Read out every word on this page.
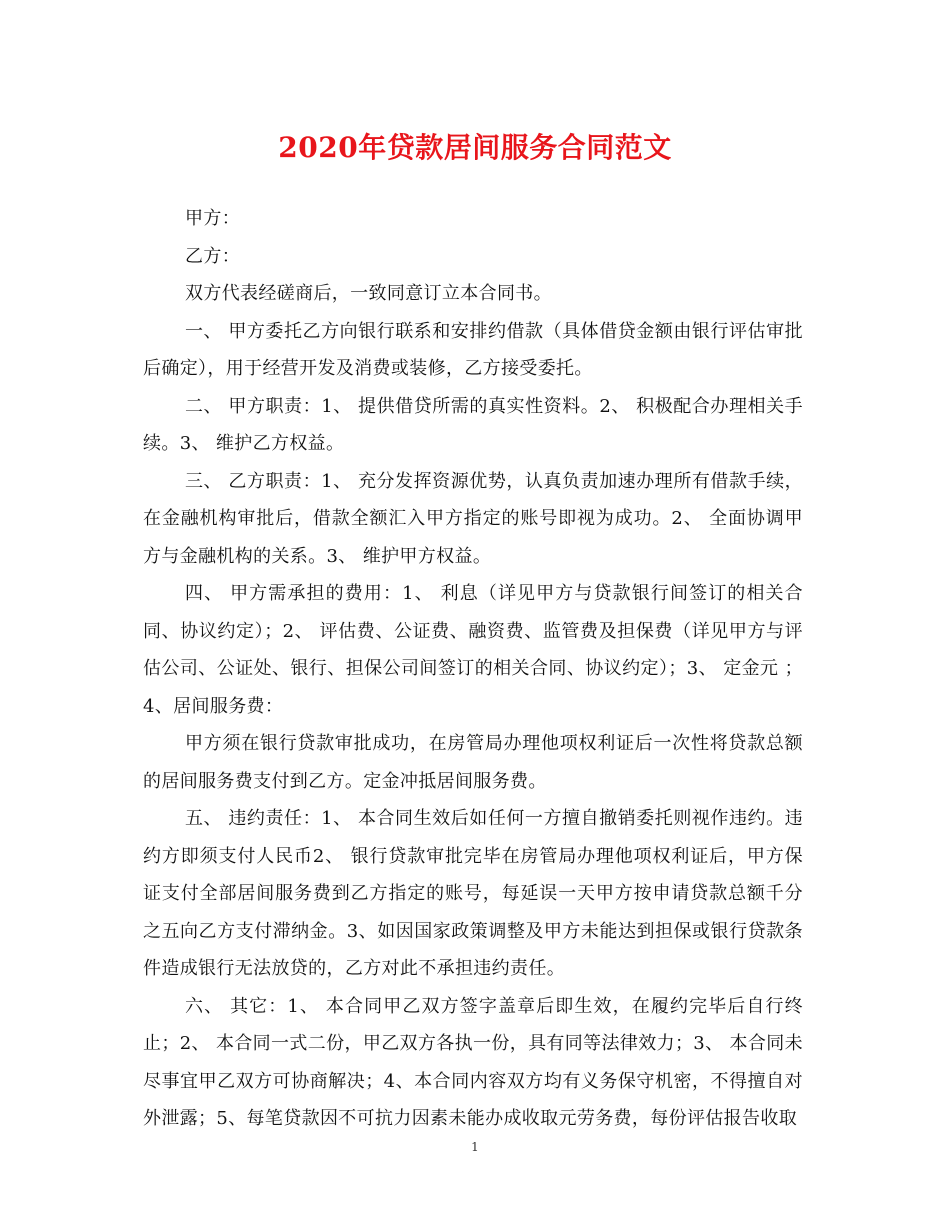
2020年贷款居间服务合同范文

甲方：

乙方：

双方代表经磋商后，一致同意订立本合同书。

一、 甲方委托乙方向银行联系和安排约借款（具体借贷金额由银行评估审批后确定），用于经营开发及消费或装修，乙方接受委托。

二、 甲方职责：1、 提供借贷所需的真实性资料。2、 积极配合办理相关手续。3、 维护乙方权益。

三、 乙方职责：1、 充分发挥资源优势，认真负责加速办理所有借款手续，在金融机构审批后，借款全额汇入甲方指定的账号即视为成功。2、 全面协调甲方与金融机构的关系。3、 维护甲方权益。

四、 甲方需承担的费用：1、 利息（详见甲方与贷款银行间签订的相关合同、协议约定）；2、 评估费、公证费、融资费、监管费及担保费（详见甲方与评估公司、公证处、银行、担保公司间签订的相关合同、协议约定）；3、 定金元 ；4、居间服务费：

甲方须在银行贷款审批成功，在房管局办理他项权利证后一次性将贷款总额的居间服务费支付到乙方。定金冲抵居间服务费。

五、 违约责任：1、 本合同生效后如任何一方擅自撤销委托则视作违约。违约方即须支付人民币2、 银行贷款审批完毕在房管局办理他项权利证后，甲方保证支付全部居间服务费到乙方指定的账号，每延误一天甲方按申请贷款总额千分之五向乙方支付滞纳金。3、如因国家政策调整及甲方未能达到担保或银行贷款条件造成银行无法放贷的，乙方对此不承担违约责任。

六、 其它：1、 本合同甲乙双方签字盖章后即生效，在履约完毕后自行终止；2、 本合同一式二份，甲乙双方各执一份，具有同等法律效力；3、 本合同未尽事宜甲乙双方可协商解决；4、本合同内容双方均有义务保守机密，不得擅自对外泄露；5、每笔贷款因不可抗力因素未能办成收取元劳务费，每份评估报告收取

1
